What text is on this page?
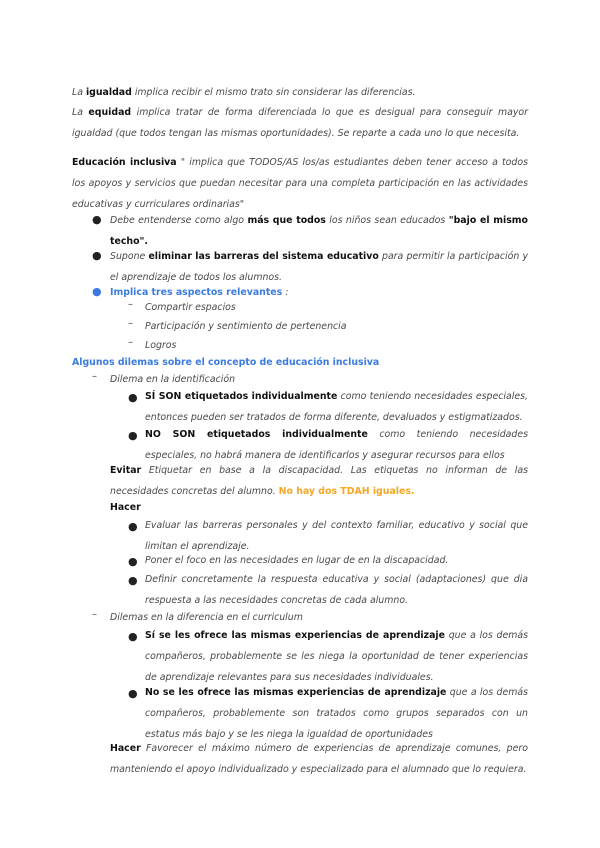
La igualdad implica recibir el mismo trato sin considerar las diferencias.

La equidad implica tratar de forma diferenciada lo que es desigual para conseguir mayor igualdad (que todos tengan las mismas oportunidades). Se reparte a cada uno lo que necesita.

Educación inclusiva " implica que TODOS/AS los/as estudiantes deben tener acceso a todos los apoyos y servicios que puedan necesitar para una completa participación en las actividades educativas y curriculares ordinarias"

● Debe entenderse como algo más que todos los niños sean educados "bajo el mismo techo".

● Supone eliminar las barreras del sistema educativo para permitir la participación y el aprendizaje de todos los alumnos.

● Implica tres aspectos relevantes :

– Compartir espacios

– Participación y sentimiento de pertenencia

– Logros

Algunos dilemas sobre el concepto de educación inclusiva

– Dilema en la identificación

● SÍ SON etiquetados individualmente como teniendo necesidades especiales, entonces pueden ser tratados de forma diferente, devaluados y estigmatizados.

● NO SON etiquetados individualmente como teniendo necesidades especiales, no habrá manera de identificarlos y asegurar recursos para ellos

Evitar Etiquetar en base a la discapacidad. Las etiquetas no informan de las necesidades concretas del alumno. No hay dos TDAH iguales.

Hacer

● Evaluar las barreras personales y del contexto familiar, educativo y social que limitan el aprendizaje.

● Poner el foco en las necesidades en lugar de en la discapacidad.

● Definir concretamente la respuesta educativa y social (adaptaciones) que dia respuesta a las necesidades concretas de cada alumno.

– Dilemas en la diferencia en el curriculum

● Sí se les ofrece las mismas experiencias de aprendizaje que a los demás compañeros, probablemente se les niega la oportunidad de tener experiencias de aprendizaje relevantes para sus necesidades individuales.

● No se les ofrece las mismas experiencias de aprendizaje que a los demás compañeros, probablemente son tratados como grupos separados con un estatus más bajo y se les niega la igualdad de oportunidades

Hacer Favorecer el máximo número de experiencias de aprendizaje comunes, pero manteniendo el apoyo individualizado y especializado para el alumnado que lo requiera.
